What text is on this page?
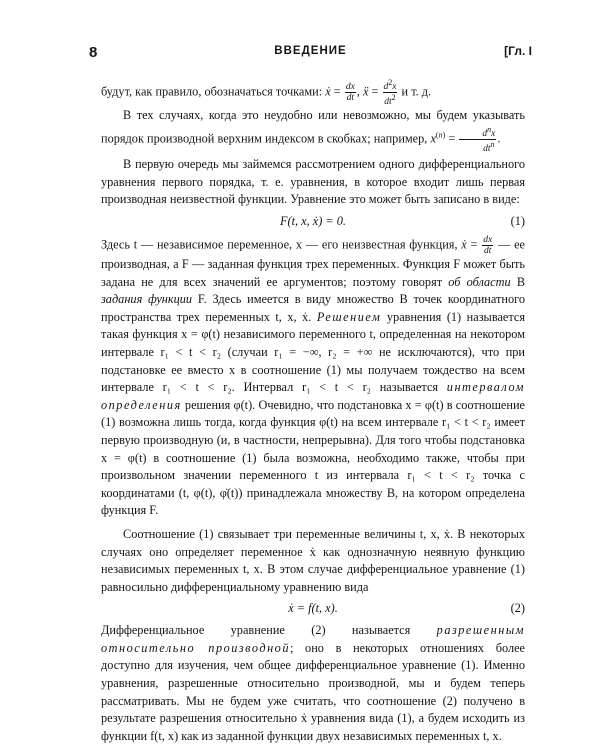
8	ВВЕДЕНИЕ	[Гл. I

будут, как правило, обозначаться точками: ẋ = $\frac{dx}{dt}$ , ẍ = $\frac{d^2x}{dt^2}$ и т. д.

В тех случаях, когда это неудобно или невозможно, мы будем указывать порядок производной верхним индексом в скобках; например, $x^{(n)} = \frac{d^nx}{dt^n}$ .

В первую очередь мы займемся рассмотрением одного дифференциального уравнения первого порядка, т. е. уравнения, в которое входит лишь первая производная неизвестной функции. Уравнение это может быть записано в виде:

F(t, x, ẋ) = 0.	(1)

Здесь t — независимое переменное, x — его неизвестная функция, ẋ = $\frac{dx}{dt}$ — ее производная, а F — заданная функция трех переменных. Функция F может быть задана не для всех значений ее аргументов; поэтому говорят об области В задания функции F. Здесь имеется в виду множество В точек координатного пространства трех переменных t, x, ẋ. Решением уравнения (1) называется такая функция x = φ(t) независимого переменного t, определенная на некотором интервале r₁ < t < r₂ (случаи r₁ = −∞, r₂ = +∞ не исключаются), что при подстановке ее вместо x в соотношение (1) мы получаем тождество на всем интервале r₁ < t < r₂. Интервал r₁ < t < r₂ называется интервалом определения решения φ(t). Очевидно, что подстановка x = φ(t) в соотношение (1) возможна лишь тогда, когда функция φ(t) на всем интервале r₁ < t < r₂ имеет первую производную (и, в частности, непрерывна). Для того чтобы подстановка x = φ(t) в соотношение (1) была возможна, необходимо также, чтобы при произвольном значении переменного t из интервала r₁ < t < r₂ точка с координатами (t, φ(t), φ̇(t)) принадлежала множеству В, на котором определена функция F.

Соотношение (1) связывает три переменные величины t, x, ẋ. В некоторых случаях оно определяет переменное ẋ как однозначную неявную функцию независимых переменных t, x. В этом случае дифференциальное уравнение (1) равносильно дифференциальному уравнению вида

ẋ = f(t, x).	(2)

Дифференциальное уравнение (2) называется разрешенным относительно производной; оно в некоторых отношениях более доступно для изучения, чем общее дифференциальное уравнение (1). Именно уравнения, разрешенные относительно производной, мы и будем теперь рассматривать. Мы не будем уже считать, что соотношение (2) получено в результате разрешения относительно ẋ уравнения вида (1), а будем исходить из функции f(t, x) как из заданной функции двух независимых переменных t, x.
